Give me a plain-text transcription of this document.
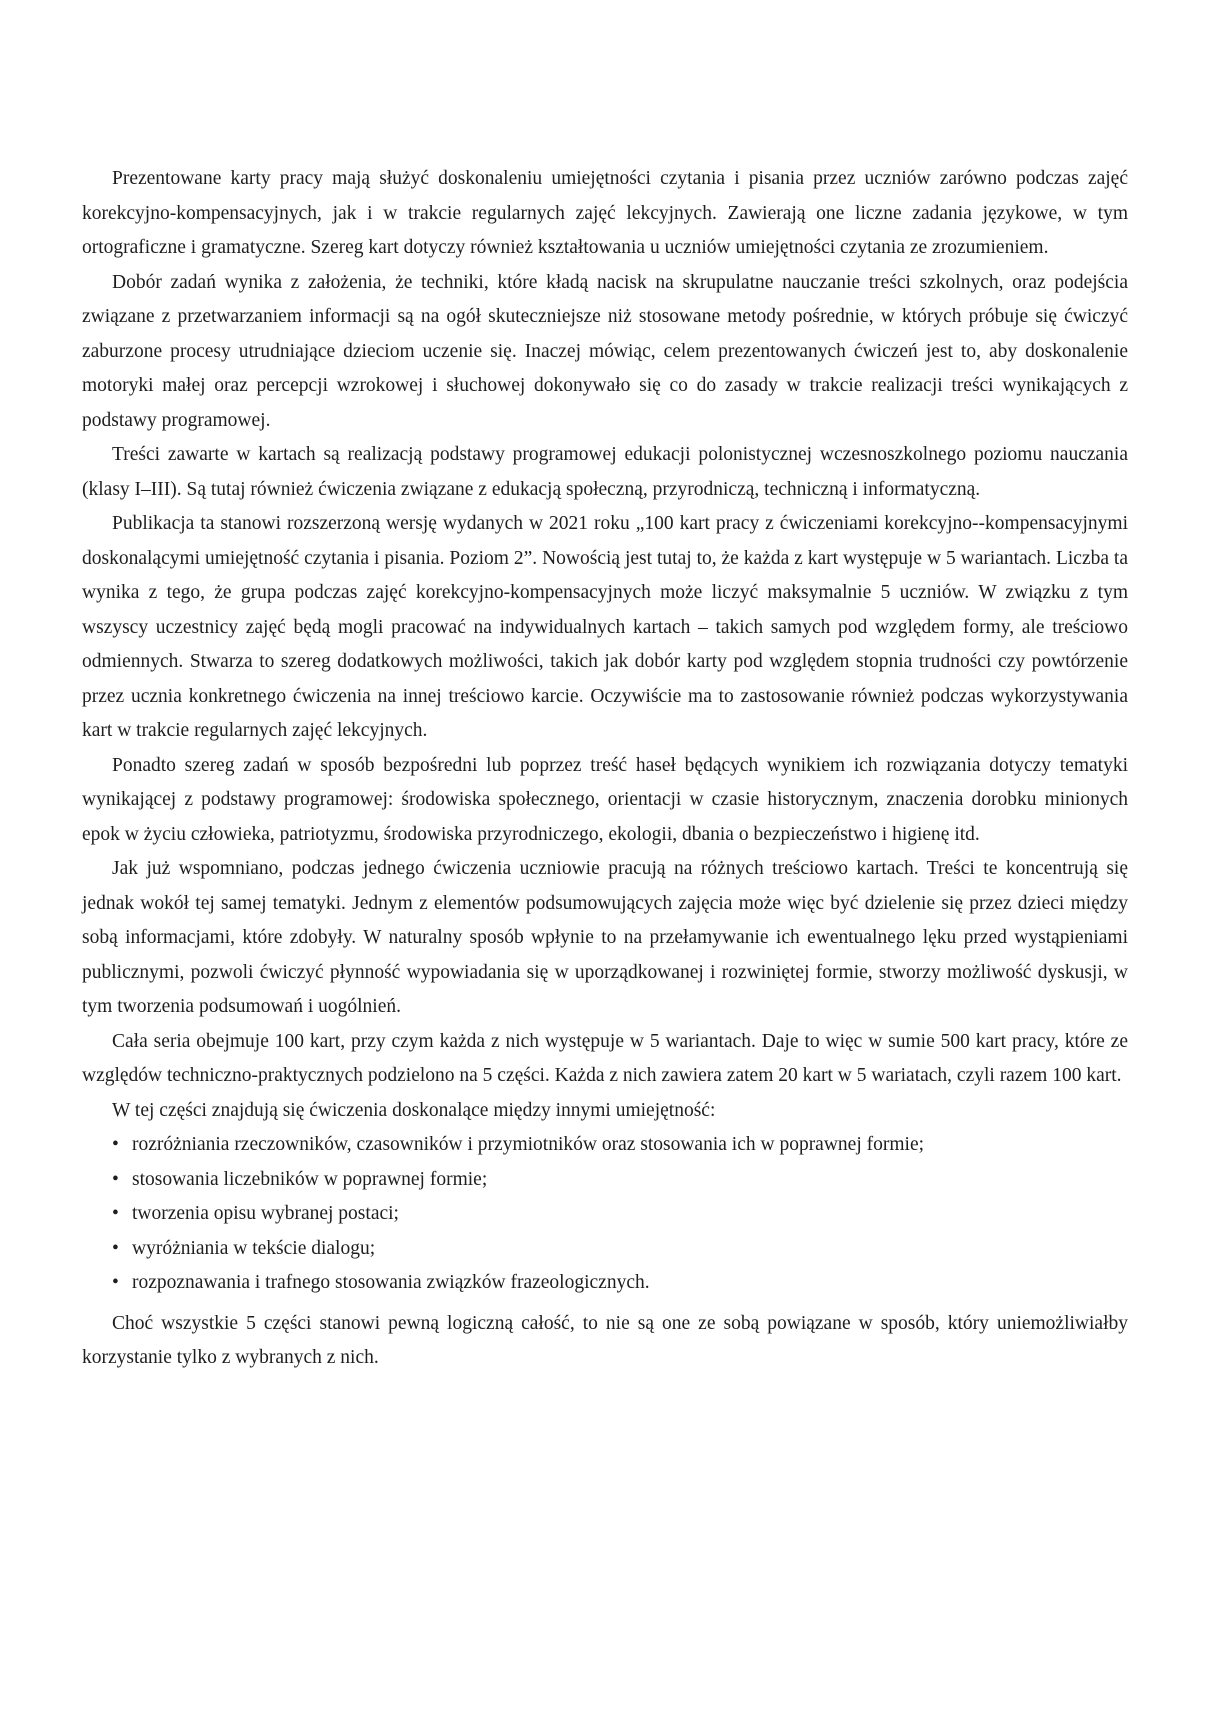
Prezentowane karty pracy mają służyć doskonaleniu umiejętności czytania i pisania przez uczniów zarówno podczas zajęć korekcyjno-kompensacyjnych, jak i w trakcie regularnych zajęć lekcyjnych. Zawierają one liczne zadania językowe, w tym ortograficzne i gramatyczne. Szereg kart dotyczy również kształtowania u uczniów umiejętności czytania ze zrozumieniem.

Dobór zadań wynika z założenia, że techniki, które kładą nacisk na skrupulatne nauczanie treści szkolnych, oraz podejścia związane z przetwarzaniem informacji są na ogół skuteczniejsze niż stosowane metody pośrednie, w których próbuje się ćwiczyć zaburzone procesy utrudniające dzieciom uczenie się. Inaczej mówiąc, celem prezentowanych ćwiczeń jest to, aby doskonalenie motoryki małej oraz percepcji wzrokowej i słuchowej dokonywało się co do zasady w trakcie realizacji treści wynikających z podstawy programowej.

Treści zawarte w kartach są realizacją podstawy programowej edukacji polonistycznej wczesnoszkolnego poziomu nauczania (klasy I–III). Są tutaj również ćwiczenia związane z edukacją społeczną, przyrodniczą, techniczną i informatyczną.

Publikacja ta stanowi rozszerzoną wersję wydanych w 2021 roku „100 kart pracy z ćwiczeniami korekcyjno--kompensacyjnymi doskonalącymi umiejętność czytania i pisania. Poziom 2”. Nowością jest tutaj to, że każda z kart występuje w 5 wariantach. Liczba ta wynika z tego, że grupa podczas zajęć korekcyjno-kompensacyjnych może liczyć maksymalnie 5 uczniów. W związku z tym wszyscy uczestnicy zajęć będą mogli pracować na indywidualnych kartach – takich samych pod względem formy, ale treściowo odmiennych. Stwarza to szereg dodatkowych możliwości, takich jak dobór karty pod względem stopnia trudności czy powtórzenie przez ucznia konkretnego ćwiczenia na innej treściowo karcie. Oczywiście ma to zastosowanie również podczas wykorzystywania kart w trakcie regularnych zajęć lekcyjnych.

Ponadto szereg zadań w sposób bezpośredni lub poprzez treść haseł będących wynikiem ich rozwiązania dotyczy tematyki wynikającej z podstawy programowej: środowiska społecznego, orientacji w czasie historycznym, znaczenia dorobku minionych epok w życiu człowieka, patriotyzmu, środowiska przyrodniczego, ekologii, dbania o bezpieczeństwo i higienę itd.

Jak już wspomniano, podczas jednego ćwiczenia uczniowie pracują na różnych treściowo kartach. Treści te koncentrują się jednak wokół tej samej tematyki. Jednym z elementów podsumowujących zajęcia może więc być dzielenie się przez dzieci między sobą informacjami, które zdobyły. W naturalny sposób wpłynie to na przełamywanie ich ewentualnego lęku przed wystąpieniami publicznymi, pozwoli ćwiczyć płynność wypowiadania się w uporządkowanej i rozwiniętej formie, stworzy możliwość dyskusji, w tym tworzenia podsumowań i uogólnień.

Cała seria obejmuje 100 kart, przy czym każda z nich występuje w 5 wariantach. Daje to więc w sumie 500 kart pracy, które ze względów techniczno-praktycznych podzielono na 5 części. Każda z nich zawiera zatem 20 kart w 5 wariatach, czyli razem 100 kart.

W tej części znajdują się ćwiczenia doskonalące między innymi umiejętność:

• rozróżniania rzeczowników, czasowników i przymiotników oraz stosowania ich w poprawnej formie;
• stosowania liczebników w poprawnej formie;
• tworzenia opisu wybranej postaci;
• wyróżniania w tekście dialogu;
• rozpoznawania i trafnego stosowania związków frazeologicznych.

Choć wszystkie 5 części stanowi pewną logiczną całość, to nie są one ze sobą powiązane w sposób, który uniemożliwiałby korzystanie tylko z wybranych z nich.
